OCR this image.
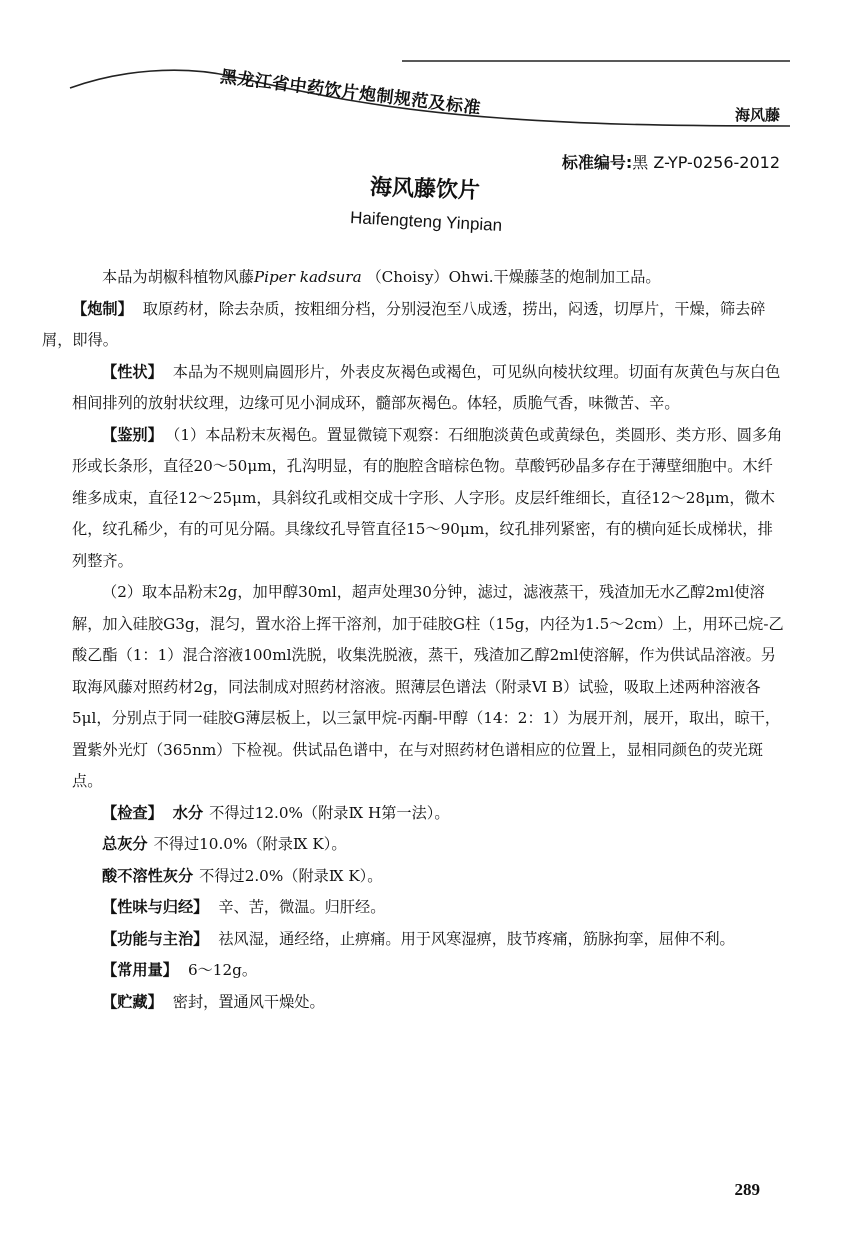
黑龙江省中药饮片炮制规范及标准	海风藤
标准编号:黑 Z-YP-0256-2012
海风藤饮片
Haifengteng Yinpian

本品为胡椒科植物风藤Piper kadsura （Choisy）Ohwi.干燥藤茎的炮制加工品。

【炮制】 取原药材，除去杂质，按粗细分档，分别浸泡至八成透，捞出，闷透，切厚片，干燥，筛去碎屑，即得。

【性状】 本品为不规则扁圆形片，外表皮灰褐色或褐色，可见纵向棱状纹理。切面有灰黄色与灰白色相间排列的放射状纹理，边缘可见小洞成环，髓部灰褐色。体轻，质脆气香，味微苦、辛。

【鉴别】 （1）本品粉末灰褐色。置显微镜下观察：石细胞淡黄色或黄绿色，类圆形、类方形、圆多角形或长条形，直径20～50μm，孔沟明显，有的胞腔含暗棕色物。草酸钙砂晶多存在于薄壁细胞中。木纤维多成束，直径12～25μm，具斜纹孔或相交成十字形、人字形。皮层纤维细长，直径12～28μm，微木化，纹孔稀少，有的可见分隔。具缘纹孔导管直径15～90μm，纹孔排列紧密，有的横向延长成梯状，排列整齐。

（2）取本品粉末2g，加甲醇30ml，超声处理30分钟，滤过，滤液蒸干，残渣加无水乙醇2ml使溶解，加入硅胶G3g，混匀，置水浴上挥干溶剂，加于硅胶G柱（15g，内径为1.5～2cm）上，用环己烷-乙酸乙酯（1：1）混合溶液100ml洗脱，收集洗脱液，蒸干，残渣加乙醇2ml使溶解，作为供试品溶液。另取海风藤对照药材2g，同法制成对照药材溶液。照薄层色谱法（附录Ⅵ B）试验，吸取上述两种溶液各5μl，分别点于同一硅胶G薄层板上，以三氯甲烷-丙酮-甲醇（14：2：1）为展开剂，展开，取出，晾干，置紫外光灯（365nm）下检视。供试品色谱中，在与对照药材色谱相应的位置上，显相同颜色的荧光斑点。

【检查】 水分 不得过12.0%（附录Ⅸ H第一法）。

总灰分 不得过10.0%（附录Ⅸ K）。

酸不溶性灰分 不得过2.0%（附录Ⅸ K）。

【性味与归经】 辛、苦，微温。归肝经。

【功能与主治】 祛风湿，通经络，止痹痛。用于风寒湿痹，肢节疼痛，筋脉拘挛，屈伸不利。

【常用量】 6～12g。

【贮藏】 密封，置通风干燥处。

289
